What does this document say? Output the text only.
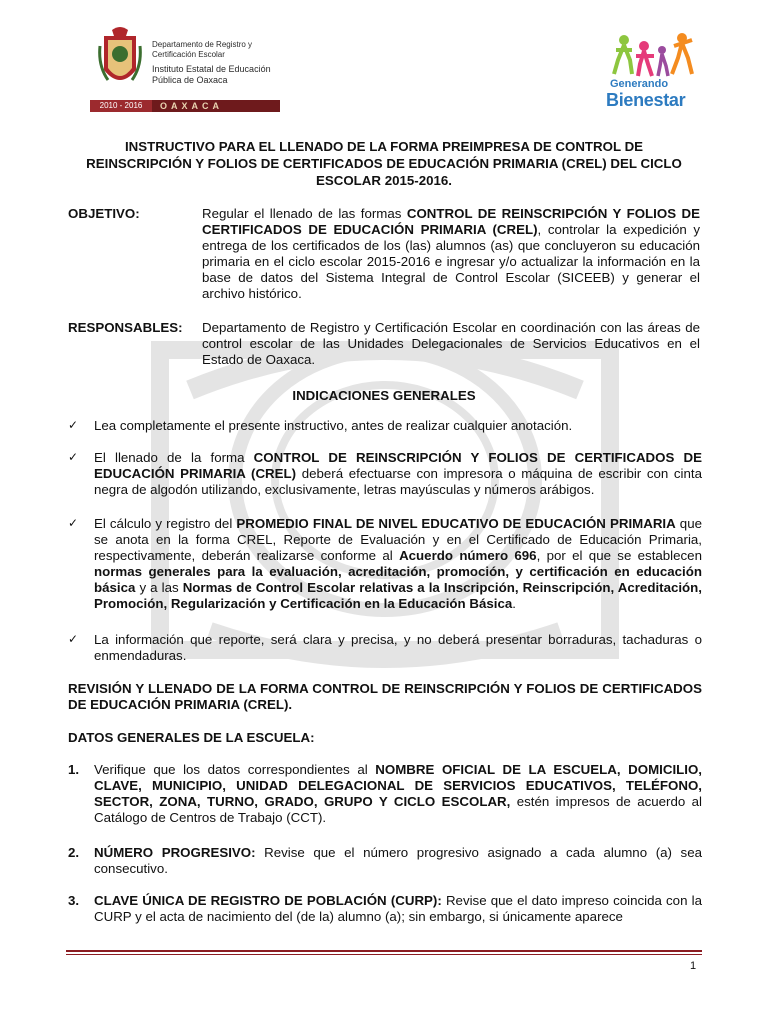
Departamento de Registro y
Certificación Escolar
Instituto Estatal de Educación
Pública de Oaxaca
2010 - 2016	OAXACA
Generando
Bienestar
INSTRUCTIVO PARA EL LLENADO DE LA FORMA PREIMPRESA DE CONTROL DE
REINSCRIPCIÓN Y FOLIOS DE CERTIFICADOS DE EDUCACIÓN PRIMARIA (CREL) DEL CICLO
ESCOLAR 2015-2016.
OBJETIVO:	Regular el llenado de las formas CONTROL DE REINSCRIPCIÓN Y FOLIOS DE CERTIFICADOS DE EDUCACIÓN PRIMARIA (CREL), controlar la expedición y entrega de los certificados de los (las) alumnos (as) que concluyeron su educación primaria en el ciclo escolar 2015-2016 e ingresar y/o actualizar la información en la base de datos del Sistema Integral de Control Escolar (SICEEB) y generar el archivo histórico.
RESPONSABLES: Departamento de Registro y Certificación Escolar en coordinación con las áreas de control escolar de las Unidades Delegacionales de Servicios Educativos en el Estado de Oaxaca.
INDICACIONES GENERALES
✓ Lea completamente el presente instructivo, antes de realizar cualquier anotación.
✓ El llenado de la forma CONTROL DE REINSCRIPCIÓN Y FOLIOS DE CERTIFICADOS DE EDUCACIÓN PRIMARIA (CREL) deberá efectuarse con impresora o máquina de escribir con cinta negra de algodón utilizando, exclusivamente, letras mayúsculas y números arábigos.
✓ El cálculo y registro del PROMEDIO FINAL DE NIVEL EDUCATIVO DE EDUCACIÓN PRIMARIA que se anota en la forma CREL, Reporte de Evaluación y en el Certificado de Educación Primaria, respectivamente, deberán realizarse conforme al Acuerdo número 696, por el que se establecen normas generales para la evaluación, acreditación, promoción, y certificación en educación básica y a las Normas de Control Escolar relativas a la Inscripción, Reinscripción, Acreditación, Promoción, Regularización y Certificación en la Educación Básica.
✓ La información que reporte, será clara y precisa, y no deberá presentar borraduras, tachaduras o enmendaduras.
REVISIÓN Y LLENADO DE LA FORMA CONTROL DE REINSCRIPCIÓN Y FOLIOS DE CERTIFICADOS DE EDUCACIÓN PRIMARIA (CREL).
DATOS GENERALES DE LA ESCUELA:
1. Verifique que los datos correspondientes al NOMBRE OFICIAL DE LA ESCUELA, DOMICILIO, CLAVE, MUNICIPIO, UNIDAD DELEGACIONAL DE SERVICIOS EDUCATIVOS, TELÉFONO, SECTOR, ZONA, TURNO, GRADO, GRUPO Y CICLO ESCOLAR, estén impresos de acuerdo al Catálogo de Centros de Trabajo (CCT).
2. NÚMERO PROGRESIVO: Revise que el número progresivo asignado a cada alumno (a) sea consecutivo.
3. CLAVE ÚNICA DE REGISTRO DE POBLACIÓN (CURP): Revise que el dato impreso coincida con la CURP y el acta de nacimiento del (de la) alumno (a); sin embargo, si únicamente aparece
1
